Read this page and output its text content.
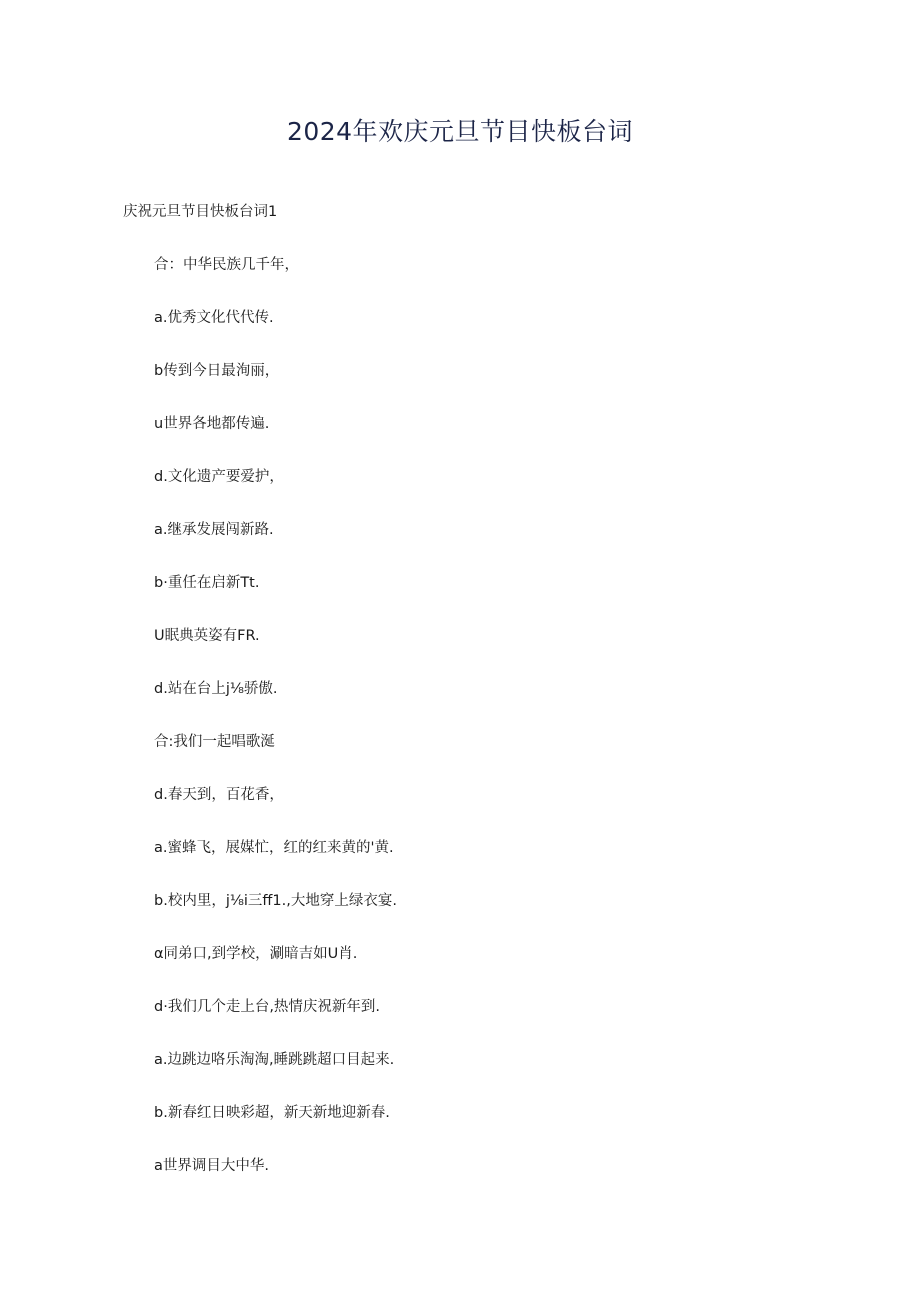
2024年欢庆元旦节目快板台词
庆祝元旦节目快板台词1
合：中华民族几千年，
a.优秀文化代代传.
b传到今日最洵丽，
u世界各地都传遍.
d.文化遗产要爱护，
a.继承发展闯新路.
b·重任在启新Tt.
U眠典英姿有FR.
d.站在台上j⅛骄傲.
合:我们一起唱歌涎
d.春天到，百花香，
a.蜜蜂飞，展媒忙，红的红来黄的'黄.
b.校内里，j⅛i三ff1.,大地穿上绿衣宴.
α同弟口,到学校，涮暗吉如U肖.
d·我们几个走上台,热情庆祝新年到.
a.边跳边咯乐淘淘,睡跳跳超口目起来.
b.新春红日映彩超，新天新地迎新春.
a世界调目大中华.
